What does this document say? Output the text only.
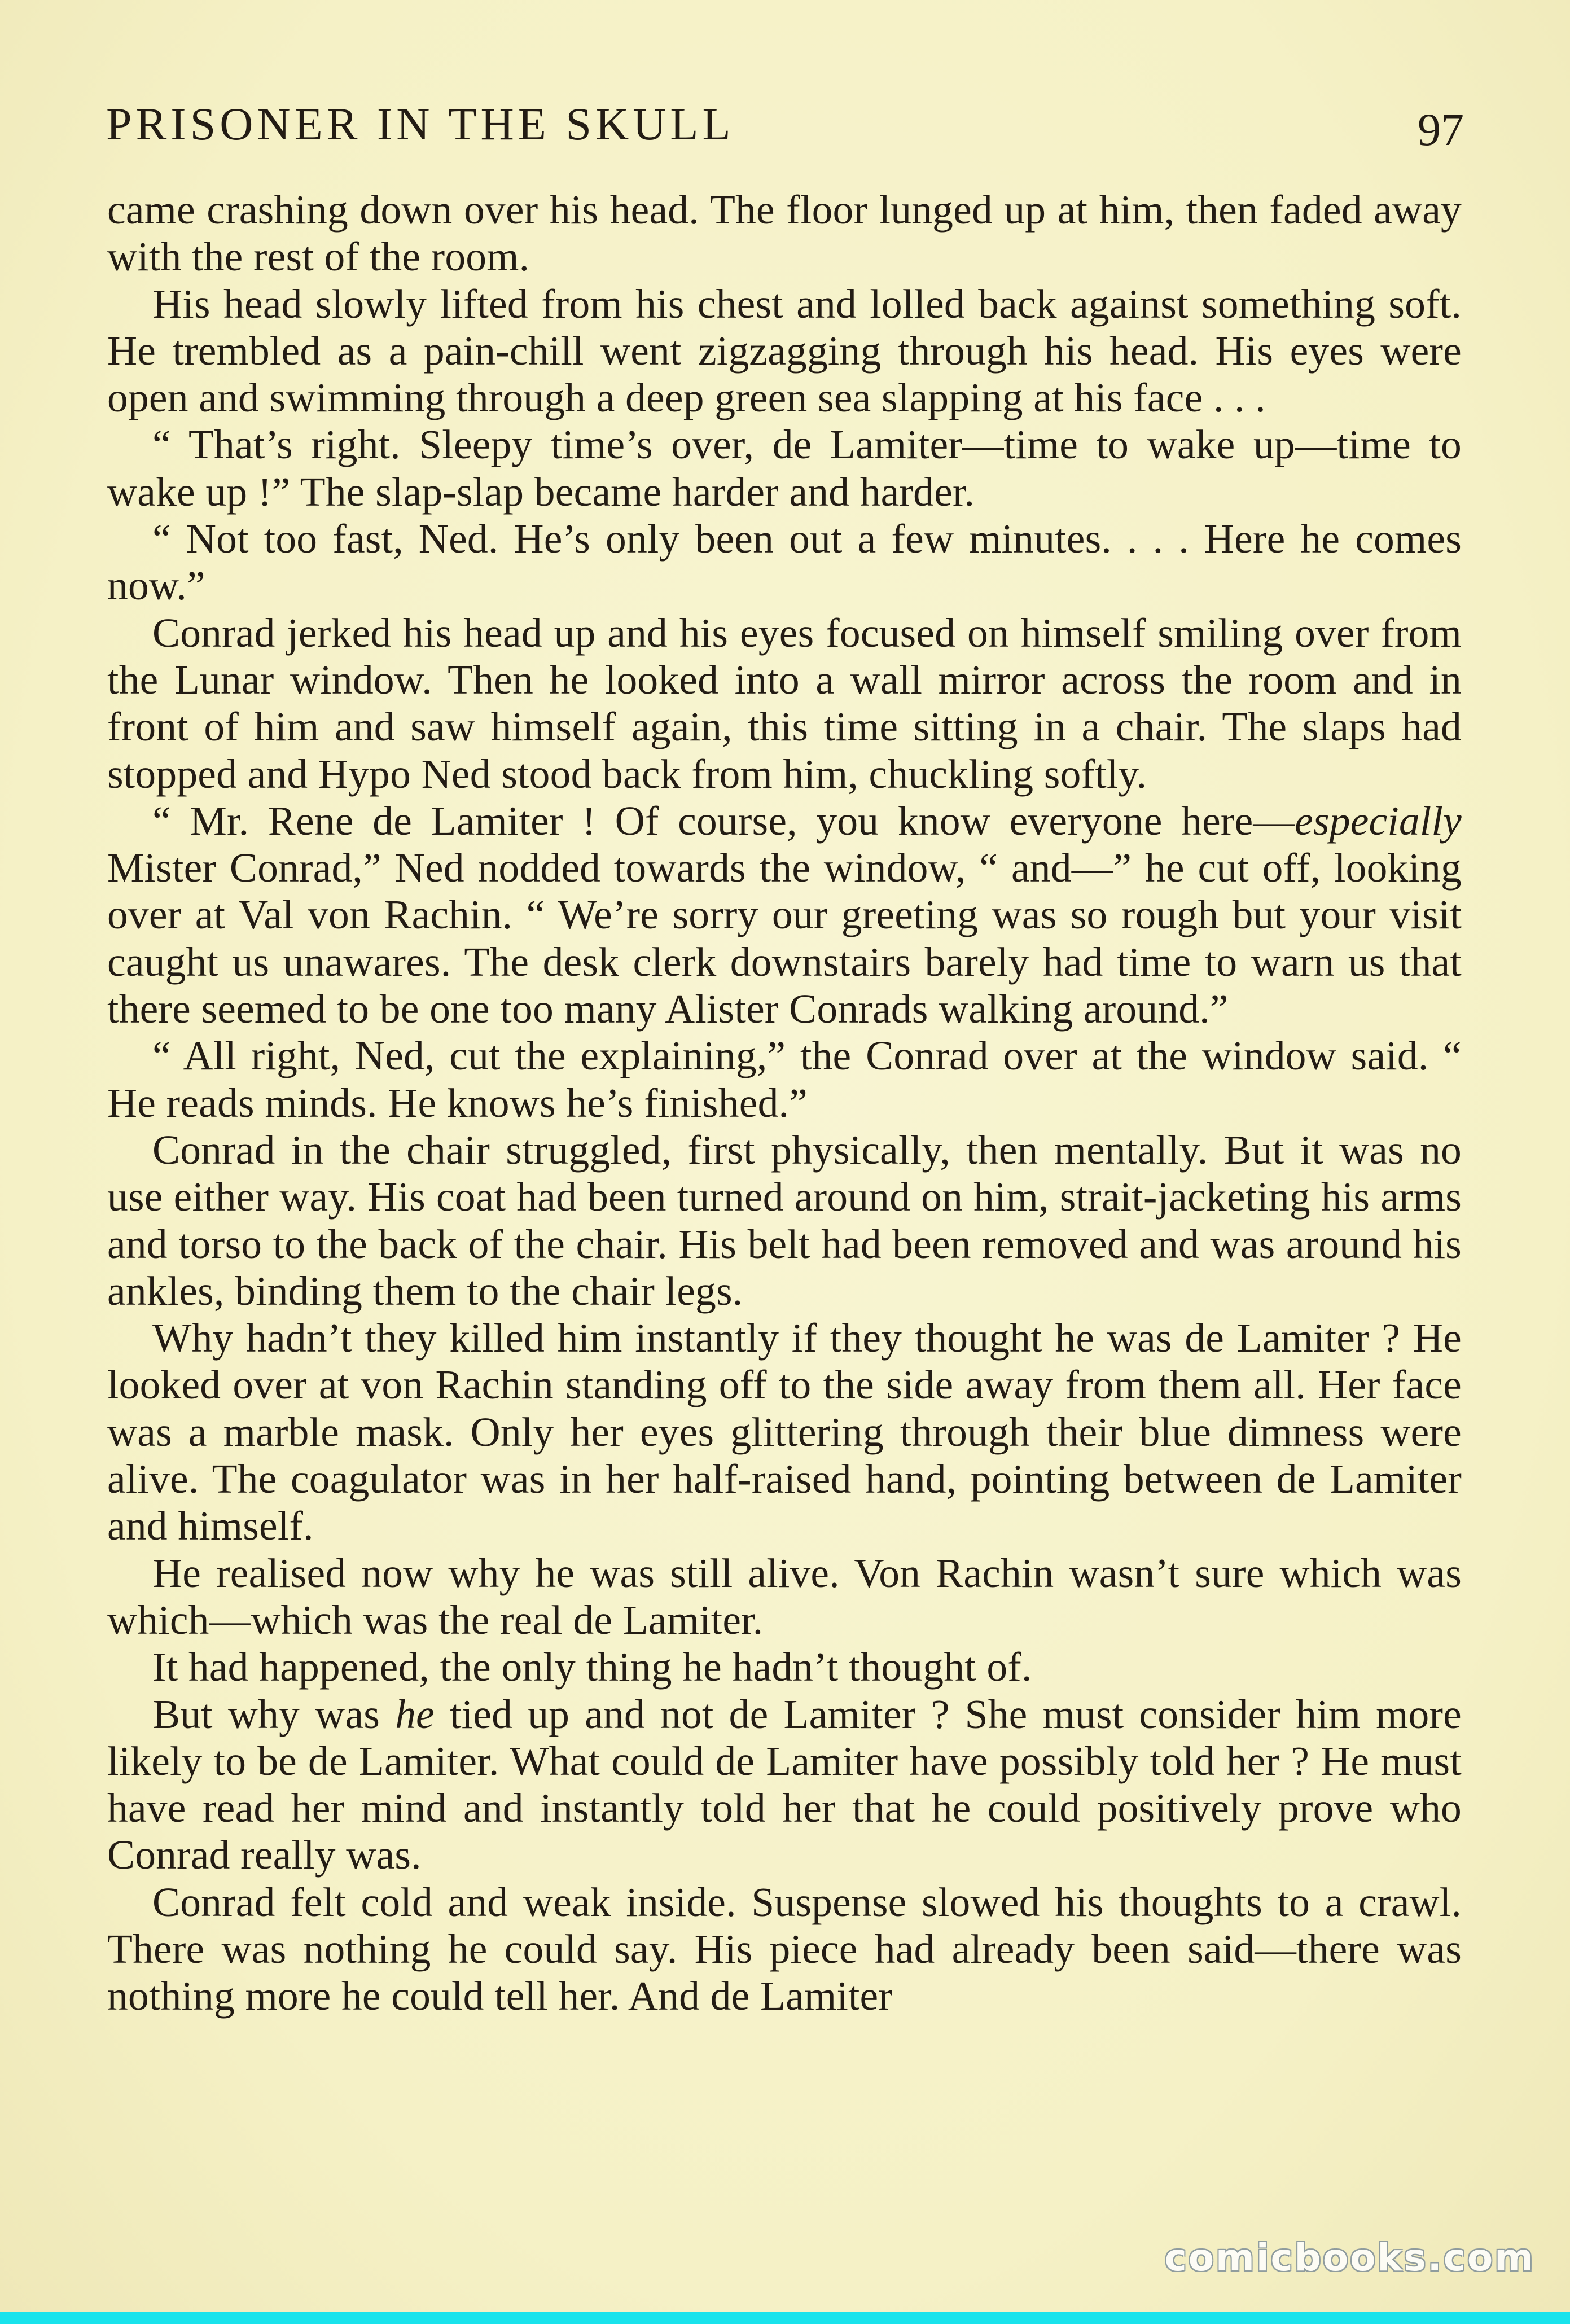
PRISONER IN THE SKULL	97

came crashing down over his head. The floor lunged up at him, then faded away with the rest of the room.

His head slowly lifted from his chest and lolled back against something soft. He trembled as a pain-chill went zigzagging through his head. His eyes were open and swimming through a deep green sea slapping at his face . . .

“ That’s right. Sleepy time’s over, de Lamiter—time to wake up—time to wake up !” The slap-slap became harder and harder.

“ Not too fast, Ned. He’s only been out a few minutes. . . . Here he comes now.”

Conrad jerked his head up and his eyes focused on himself smiling over from the Lunar window. Then he looked into a wall mirror across the room and in front of him and saw himself again, this time sitting in a chair. The slaps had stopped and Hypo Ned stood back from him, chuckling softly.

“ Mr. Rene de Lamiter ! Of course, you know everyone here—especially Mister Conrad,” Ned nodded towards the window, “ and—” he cut off, looking over at Val von Rachin. “ We’re sorry our greeting was so rough but your visit caught us unawares. The desk clerk downstairs barely had time to warn us that there seemed to be one too many Alister Conrads walking around.”

“ All right, Ned, cut the explaining,” the Conrad over at the window said. “ He reads minds. He knows he’s finished.”

Conrad in the chair struggled, first physically, then mentally. But it was no use either way. His coat had been turned around on him, strait-jacketing his arms and torso to the back of the chair. His belt had been removed and was around his ankles, binding them to the chair legs.

Why hadn’t they killed him instantly if they thought he was de Lamiter ? He looked over at von Rachin standing off to the side away from them all. Her face was a marble mask. Only her eyes glittering through their blue dimness were alive. The coagulator was in her half-raised hand, pointing between de Lamiter and himself.

He realised now why he was still alive. Von Rachin wasn’t sure which was which—which was the real de Lamiter.

It had happened, the only thing he hadn’t thought of.

But why was he tied up and not de Lamiter ? She must consider him more likely to be de Lamiter. What could de Lamiter have possibly told her ? He must have read her mind and instantly told her that he could positively prove who Conrad really was.

Conrad felt cold and weak inside. Suspense slowed his thoughts to a crawl. There was nothing he could say. His piece had already been said—there was nothing more he could tell her. And de Lamiter

comicbooks.com
